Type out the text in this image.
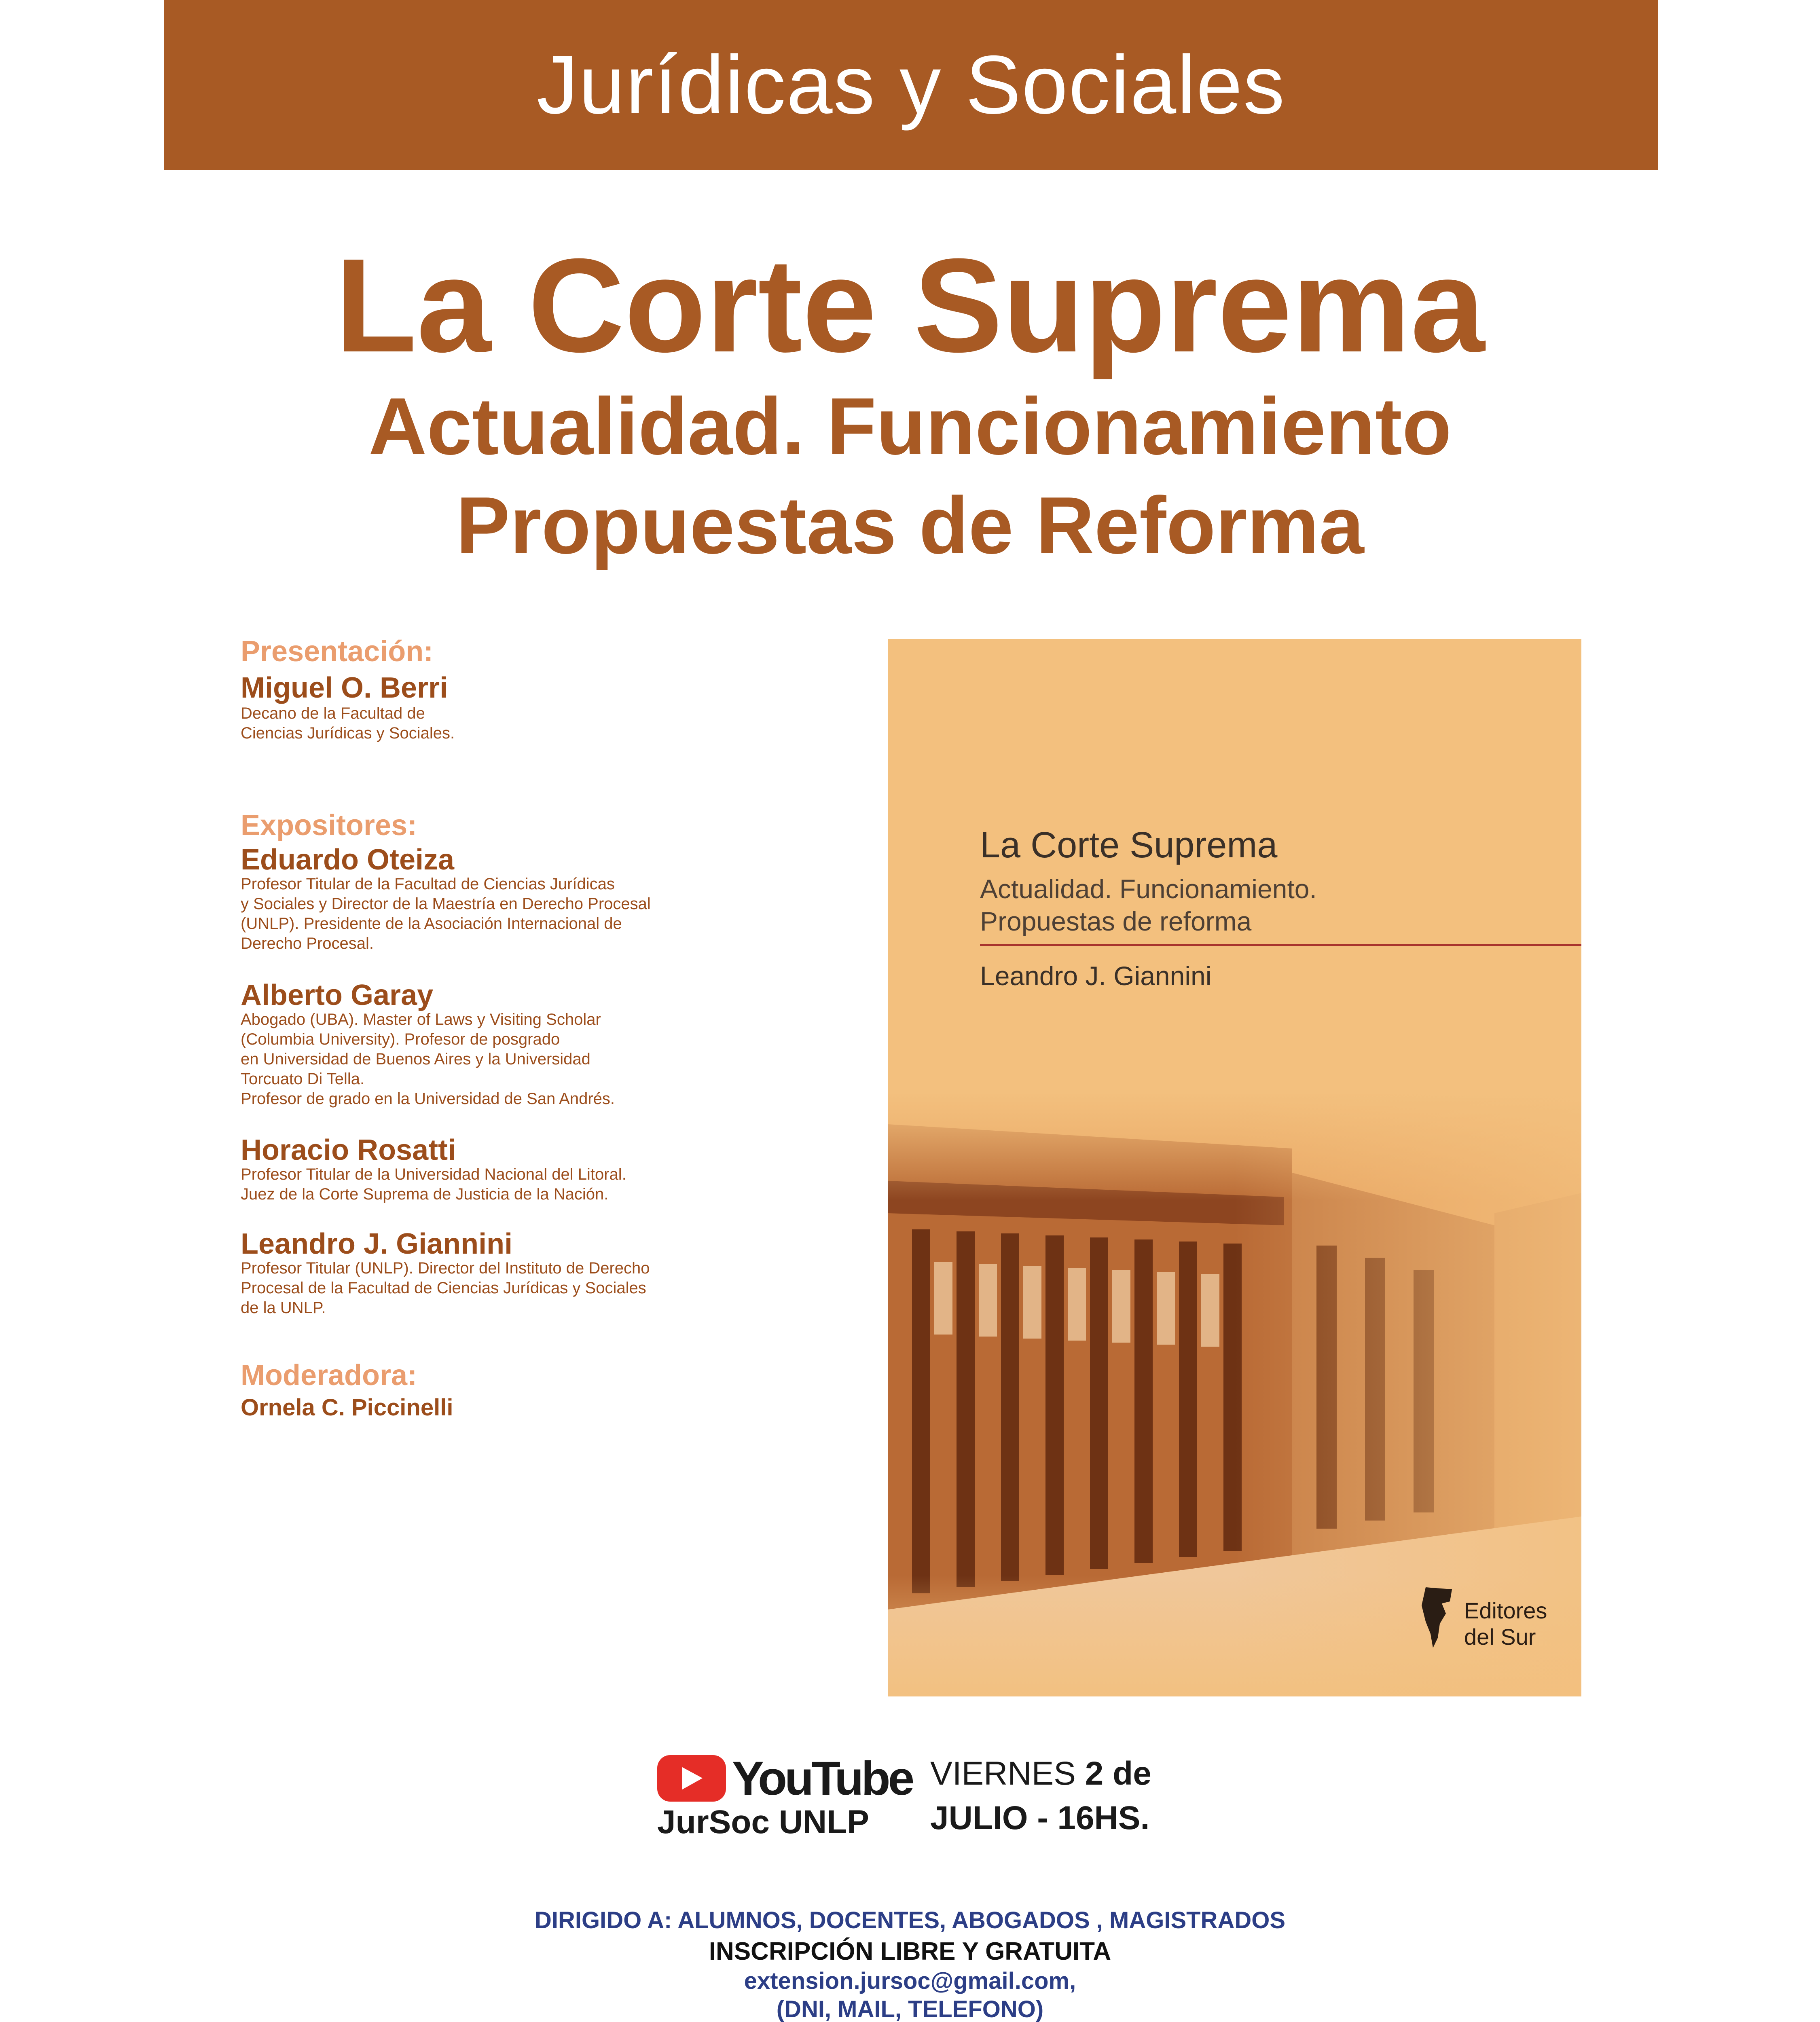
Jurídicas y Sociales
La Corte Suprema
Actualidad. Funcionamiento
Propuestas de Reforma
Presentación:
Miguel O. Berri
Decano de la Facultad de
Ciencias Jurídicas y Sociales.
Expositores:
Eduardo Oteiza
Profesor Titular de la Facultad de Ciencias Jurídicas
y Sociales y Director de la Maestría en Derecho Procesal
(UNLP). Presidente de la Asociación Internacional de
Derecho Procesal.
Alberto Garay
Abogado (UBA). Master of Laws y Visiting Scholar
(Columbia University). Profesor de posgrado
en Universidad de Buenos Aires y la Universidad
Torcuato Di Tella.
Profesor de grado en la Universidad de San Andrés.
Horacio Rosatti
Profesor Titular de la Universidad Nacional del Litoral.
Juez de la Corte Suprema de Justicia de la Nación.
Leandro J. Giannini
Profesor Titular (UNLP). Director del Instituto de Derecho
Procesal de la Facultad de Ciencias Jurídicas y Sociales
de la UNLP.
Moderadora:
Ornela C. Piccinelli
La Corte Suprema
Actualidad. Funcionamiento.
Propuestas de reforma
Leandro J. Giannini
Editores
del Sur
YouTube
JurSoc UNLP
VIERNES 2 de
JULIO - 16HS.
DIRIGIDO A: ALUMNOS, DOCENTES, ABOGADOS , MAGISTRADOS
INSCRIPCIÓN LIBRE Y GRATUITA
extension.jursoc@gmail.com,
(DNI, MAIL, TELEFONO)
